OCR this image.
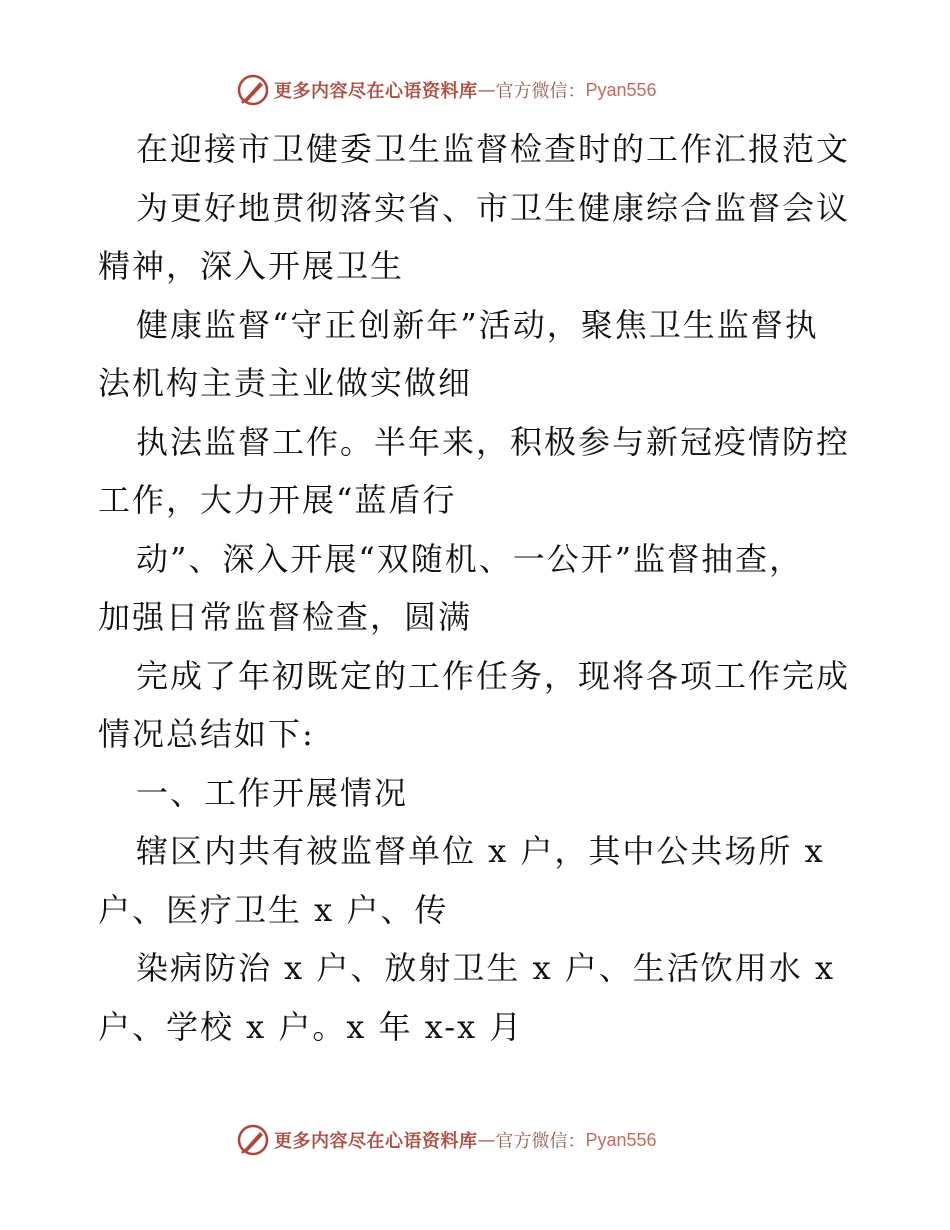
更多内容尽在心语资料库 — 官方微信： Pyan556
在迎接市卫健委卫生监督检查时的工作汇报范文
为更好地贯彻落实省、市卫生健康综合监督会议
精神，深入开展卫生
健康监督“守正创新年”活动，聚焦卫生监督执
法机构主责主业做实做细
执法监督工作。半年来，积极参与新冠疫情防控
工作，大力开展“蓝盾行
动”、深入开展“双随机、一公开”监督抽查，
加强日常监督检查，圆满
完成了年初既定的工作任务，现将各项工作完成
情况总结如下:
一、工作开展情况
辖区内共有被监督单位 x 户，其中公共场所 x
户、医疗卫生 x 户、传
染病防治 x 户、放射卫生 x 户、生活饮用水 x
户、学校 x 户。x 年 x-x 月
更多内容尽在心语资料库 — 官方微信： Pyan556
